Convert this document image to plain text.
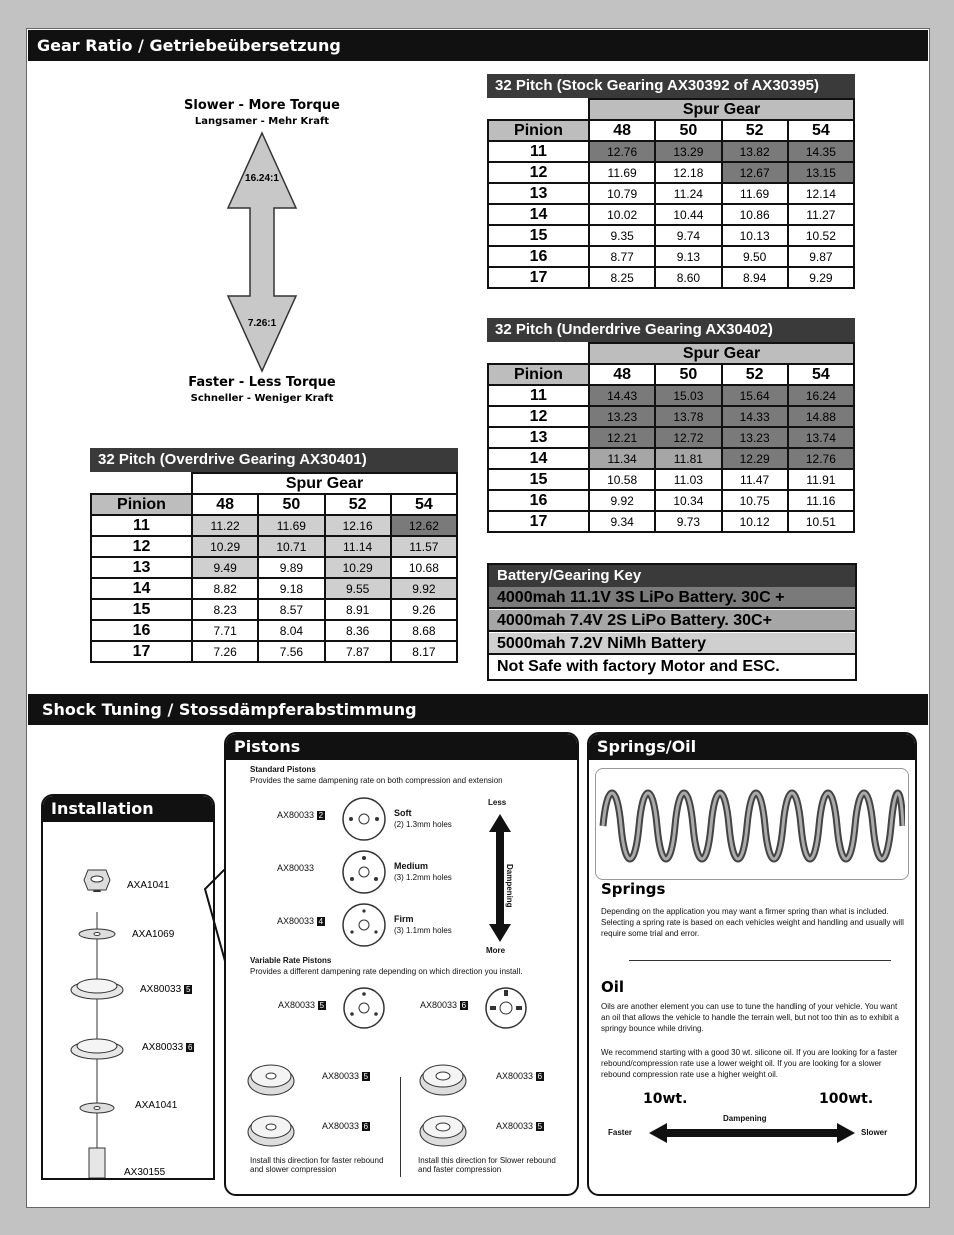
Gear Ratio / Getriebeübersetzung
Slower - More Torque
Langsamer - Mehr Kraft
16.24:1
7.26:1
Faster - Less Torque
Schneller - Weniger Kraft
32 Pitch (Stock Gearing AX30392 of AX30395)
	Spur Gear			
Pinion	48	50	52	54
11	12.76	13.29	13.82	14.35
12	11.69	12.18	12.67	13.15
13	10.79	11.24	11.69	12.14
14	10.02	10.44	10.86	11.27
15	9.35	9.74	10.13	10.52
16	8.77	9.13	9.50	9.87
17	8.25	8.60	8.94	9.29
32 Pitch (Underdrive Gearing AX30402)
	Spur Gear			
Pinion	48	50	52	54
11	14.43	15.03	15.64	16.24
12	13.23	13.78	14.33	14.88
13	12.21	12.72	13.23	13.74
14	11.34	11.81	12.29	12.76
15	10.58	11.03	11.47	11.91
16	9.92	10.34	10.75	11.16
17	9.34	9.73	10.12	10.51
32 Pitch (Overdrive Gearing AX30401)
	Spur Gear			
Pinion	48	50	52	54
11	11.22	11.69	12.16	12.62
12	10.29	10.71	11.14	11.57
13	9.49	9.89	10.29	10.68
14	8.82	9.18	9.55	9.92
15	8.23	8.57	8.91	9.26
16	7.71	8.04	8.36	8.68
17	7.26	7.56	7.87	8.17
Battery/Gearing Key
4000mah 11.1V 3S LiPo Battery. 30C +
4000mah 7.4V 2S LiPo Battery. 30C+
5000mah 7.2V NiMh Battery
Not Safe with factory Motor and ESC.
Shock Tuning / Stossdämpferabstimmung
Installation
AXA1041
AXA1069
AX80033 5
AX80033 6
AXA1041
AX30155
Pistons
Standard Pistons
Provides the same dampening rate on both compression and extension
AX80033 2	Soft
(2) 1.3mm holes
AX80033	Medium
(3) 1.2mm holes
AX80033 4	Firm
(3) 1.1mm holes
Less
Dampening
More
Variable Rate Pistons
Provides a different dampening rate depending on which direction you install.
AX80033 5	AX80033 6
AX80033 5
AX80033 6
AX80033 6
AX80033 5
Install this direction for faster rebound and slower compression
Install this direction for Slower rebound and faster compression
Springs/Oil
Springs
Depending on the application you may want a firmer spring than what is included. Selecting a spring rate is based on each vehicles weight and handling and usually will require some trial and error.
Oil
Oils are another element you can use to tune the handling of your vehicle. You want an oil that allows the vehicle to handle the terrain well, but not too thin as to exhibit a springy bounce while driving.
We recommend starting with a good 30 wt. silicone oil. If you are looking for a faster rebound/compression rate use a lower weight oil. If you are looking for a slower rebound compression rate use a higher weight oil.
10wt.	100wt.
Dampening
Faster	Slower
